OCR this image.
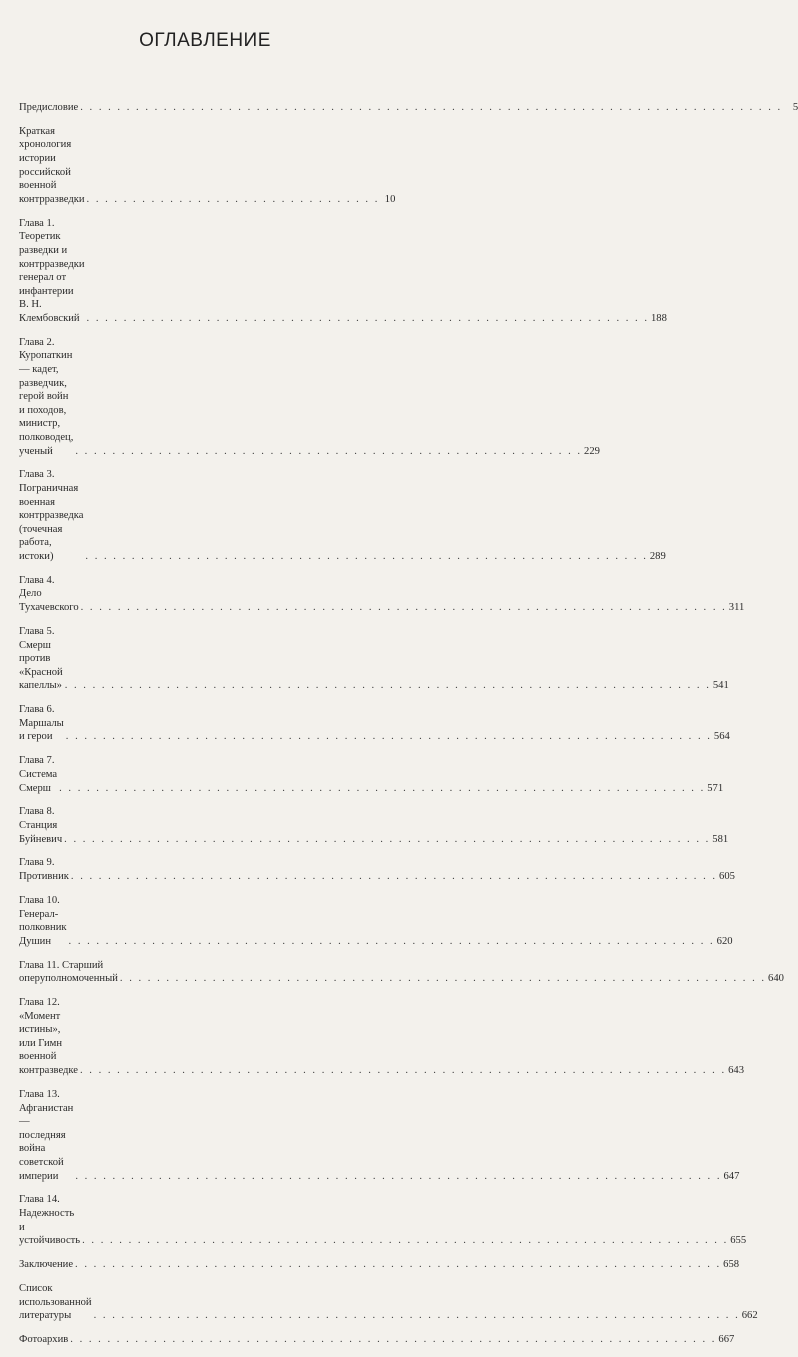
ОГЛАВЛЕНИЕ
Предисловие . . . . . . . . . . . . . . . . . . . . . . . . . . . . . . . . . . . . . . . . . . . . . . . . . . . . . . . . . . . . . . . . . . . . . . . . . . . .	5
Краткая хронология истории российской военной контрразведки . . . . . . . . . . . . . . . . . . . . . . . . . . . . . . . . 10
Глава 1. Теоретик разведки и контрразведки генерал от инфантерии
В. Н. Клембовский . . . . . . . . . . . . . . . . . . . . . . . . . . . . . . . . . . . . . . . . . . . . . . . . . . . . . . . . . . . . . 188
Глава 2. Куропаткин — кадет, разведчик, герой войн и походов,
министр, полководец, ученый	. . . . . . . . . . . . . . . . . . . . . . . . . . . . . . . . . . . . . . . . . . . . . . . . . . . . . . . 229
Глава 3. Пограничная военная контрразведка
(точечная работа, истоки)	. . . . . . . . . . . . . . . . . . . . . . . . . . . . . . . . . . . . . . . . . . . . . . . . . . . . . . . . . . . . . 289
Глава 4. Дело Тухачевского . . . . . . . . . . . . . . . . . . . . . . . . . . . . . . . . . . . . . . . . . . . . . . . . . . . . . . . . . . . . . . . . . . . . . . 311
Глава 5. Смерш против «Красной капеллы» . . . . . . . . . . . . . . . . . . . . . . . . . . . . . . . . . . . . . . . . . . . . . . . . . . . . . . . . . . . . . . . . . . . . . . 541
Глава 6. Маршалы и герои	. . . . . . . . . . . . . . . . . . . . . . . . . . . . . . . . . . . . . . . . . . . . . . . . . . . . . . . . . . . . . . . . . . . . . . 564
Глава 7. Система Смерш . . . . . . . . . . . . . . . . . . . . . . . . . . . . . . . . . . . . . . . . . . . . . . . . . . . . . . . . . . . . . . . . . . . . . . 571
Глава 8. Станция Буйневич . . . . . . . . . . . . . . . . . . . . . . . . . . . . . . . . . . . . . . . . . . . . . . . . . . . . . . . . . . . . . . . . . . . . . . 581
Глава 9. Противник . . . . . . . . . . . . . . . . . . . . . . . . . . . . . . . . . . . . . . . . . . . . . . . . . . . . . . . . . . . . . . . . . . . . . . 605
Глава 10. Генерал-полковник Душин	. . . . . . . . . . . . . . . . . . . . . . . . . . . . . . . . . . . . . . . . . . . . . . . . . . . . . . . . . . . . . . . . . . . . . . 620
Глава 11. Старший оперуполномоченный . . . . . . . . . . . . . . . . . . . . . . . . . . . . . . . . . . . . . . . . . . . . . . . . . . . . . . . . . . . . . . . . . . . . . . 640
Глава 12. «Момент истины», или Гимн военной контразведке . . . . . . . . . . . . . . . . . . . . . . . . . . . . . . . . . . . . . . . . . . . . . . . . . . . . . . . . . . . . . . . . . . . . . . 643
Глава 13. Афганистан — последняя война советской империи	. . . . . . . . . . . . . . . . . . . . . . . . . . . . . . . . . . . . . . . . . . . . . . . . . . . . . . . . . . . . . . . . . . . . . . 647
Глава 14. Надежность и устойчивость . . . . . . . . . . . . . . . . . . . . . . . . . . . . . . . . . . . . . . . . . . . . . . . . . . . . . . . . . . . . . . . . . . . . . . 655
Заключение . . . . . . . . . . . . . . . . . . . . . . . . . . . . . . . . . . . . . . . . . . . . . . . . . . . . . . . . . . . . . . . . . . . . . . 658
Список использованной литературы	. . . . . . . . . . . . . . . . . . . . . . . . . . . . . . . . . . . . . . . . . . . . . . . . . . . . . . . . . . . . . . . . . . . . . . 662
Фотоархив . . . . . . . . . . . . . . . . . . . . . . . . . . . . . . . . . . . . . . . . . . . . . . . . . . . . . . . . . . . . . . . . . . . . . . 667
